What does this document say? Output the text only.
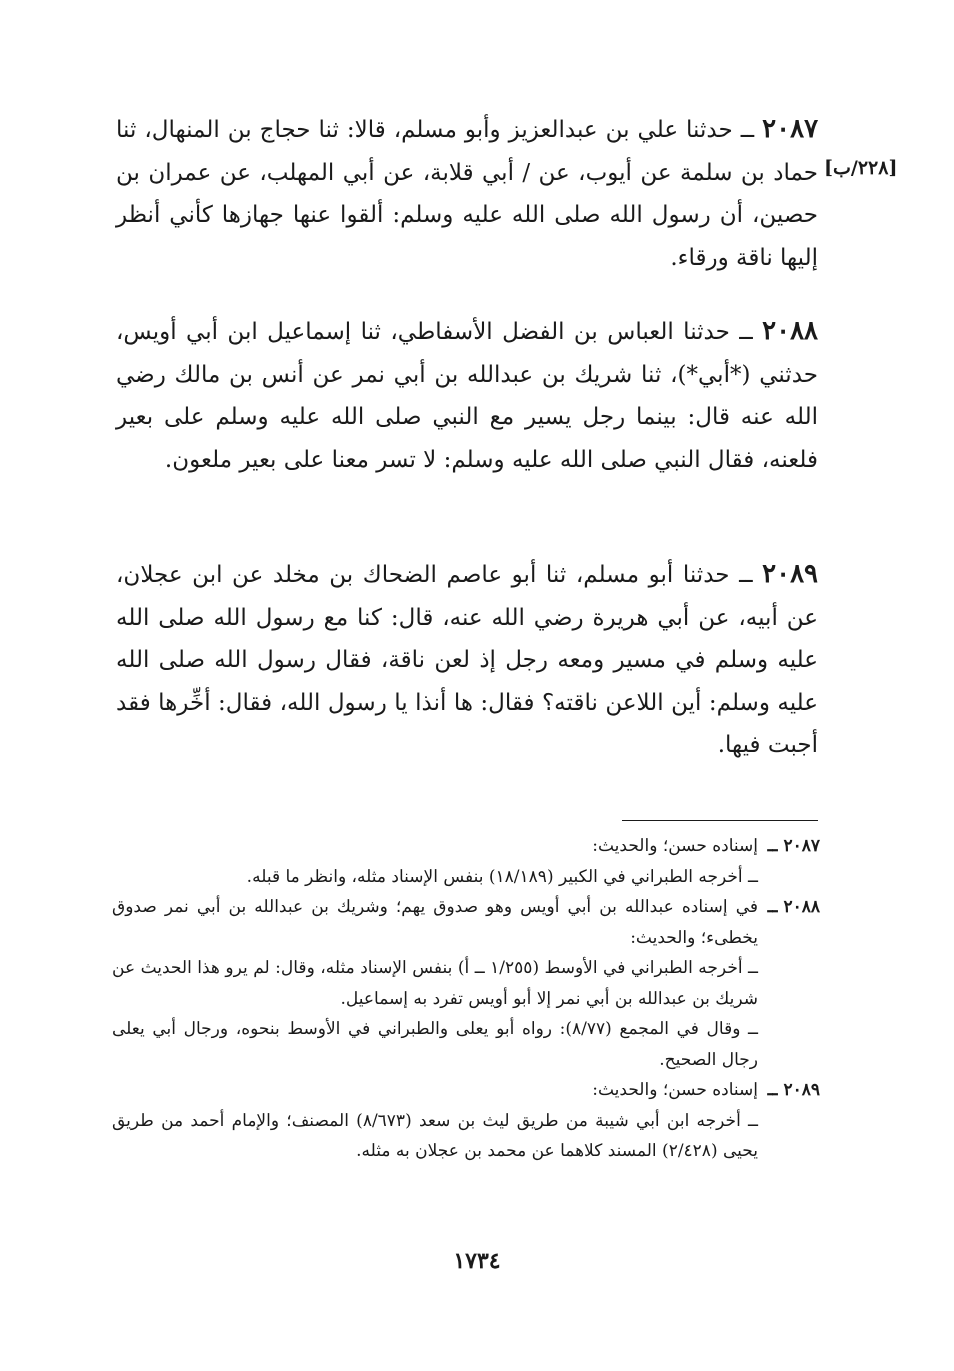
[٢٢٨/ب]
٢٠٨٧ ــ حدثنا علي بن عبدالعزيز وأبو مسلم، قالا: ثنا حجاج بن المنهال، ثنا حماد بن سلمة عن أيوب، عن / أبي قلابة، عن أبي المهلب، عن عمران بن حصين، أن رسول الله صلى الله عليه وسلم: ألقوا عنها جهازها كأني أنظر إليها ناقة ورقاء.
٢٠٨٨ ــ حدثنا العباس بن الفضل الأسفاطي، ثنا إسماعيل ابن أبي أويس، حدثني (*أبي*)، ثنا شريك بن عبدالله بن أبي نمر عن أنس بن مالك رضي الله عنه قال: بينما رجل يسير مع النبي صلى الله عليه وسلم على بعير فلعنه، فقال النبي صلى الله عليه وسلم: لا تسر معنا على بعير ملعون.
٢٠٨٩ ــ حدثنا أبو مسلم، ثنا أبو عاصم الضحاك بن مخلد عن ابن عجلان، عن أبيه، عن أبي هريرة رضي الله عنه، قال: كنا مع رسول الله صلى الله عليه وسلم في مسير ومعه رجل إذ لعن ناقة، فقال رسول الله صلى الله عليه وسلم: أين اللاعن ناقته؟ فقال: ها أنذا يا رسول الله، فقال: أخِّرها فقد أجبت فيها.
٢٠٨٧ ــ
إسناده حسن؛ والحديث:
ــ أخرجه الطبراني في الكبير (١٨/١٨٩) بنفس الإسناد مثله، وانظر ما قبله.
٢٠٨٨ ــ
في إسناده عبدالله بن أبي أويس وهو صدوق يهم؛ وشريك بن عبدالله بن أبي نمر صدوق يخطىء؛ والحديث:
ــ أخرجه الطبراني في الأوسط (١/٢٥٥ ــ أ) بنفس الإسناد مثله، وقال: لم يرو هذا الحديث عن شريك بن عبدالله بن أبي نمر إلا أبو أويس تفرد به إسماعيل.
ــ وقال في المجمع (٨/٧٧): رواه أبو يعلى والطبراني في الأوسط بنحوه، ورجال أبي يعلى رجال الصحيح.
٢٠٨٩ ــ
إسناده حسن؛ والحديث:
ــ أخرجه ابن أبي شيبة من طريق ليث بن سعد (٨/٦٧٣) المصنف؛ والإمام أحمد من طريق يحيى (٢/٤٢٨) المسند كلاهما عن محمد بن عجلان به مثله.
١٧٣٤
